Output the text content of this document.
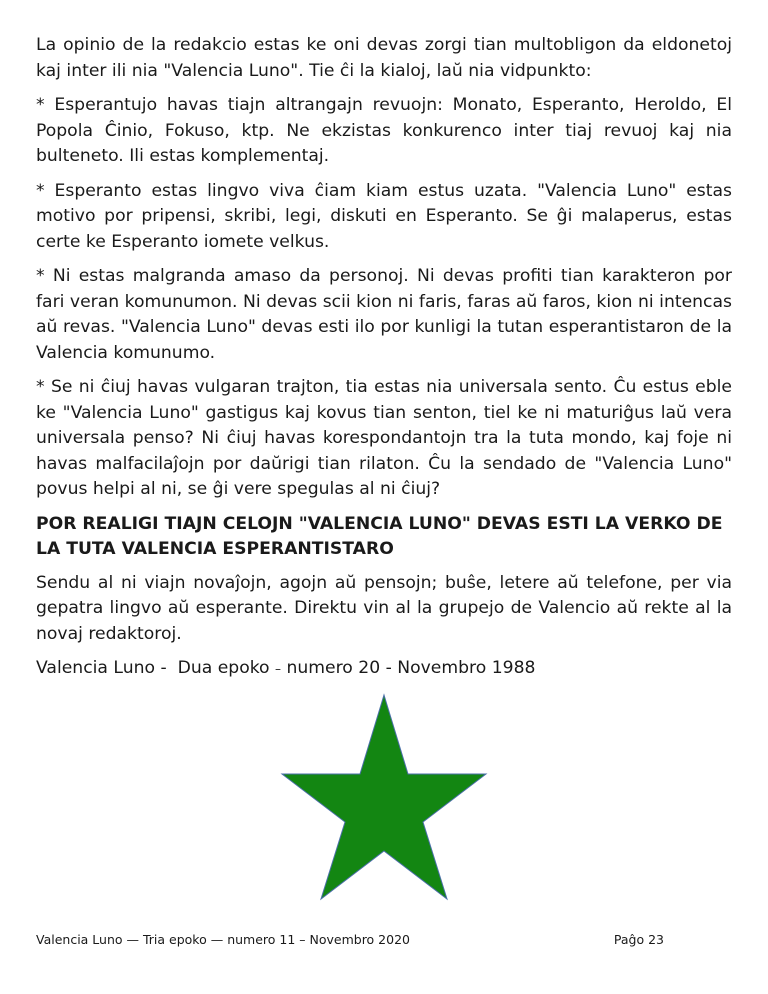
La opinio de la redakcio estas ke oni devas zorgi tian multobligon da eldonetoj kaj inter ili nia "Valencia Luno". Tie ĉi la kialoj, laŭ nia vidpunkto:

* Esperantujo havas tiajn altrangajn revuojn: Monato, Esperanto, Heroldo, El Popola Ĉinio, Fokuso, ktp. Ne ekzistas konkurenco inter tiaj revuoj kaj nia bulteneto. Ili estas komplementaj.

* Esperanto estas lingvo viva ĉiam kiam estus uzata. "Valencia Luno" estas motivo por pripensi, skribi, legi, diskuti en Esperanto. Se ĝi malaperus, estas certe ke Esperanto iomete velkus.

* Ni estas malgranda amaso da personoj. Ni devas profiti tian karakteron por fari veran komunumon. Ni devas scii kion ni faris, faras aŭ faros, kion ni intencas aŭ revas. "Valencia Luno" devas esti ilo por kunligi la tutan esperantistaron de la Valencia komunumo.

* Se ni ĉiuj havas vulgaran trajton, tia estas nia universala sento. Ĉu estus eble ke "Valencia Luno" gastigus kaj kovus tian senton, tiel ke ni maturiĝus laŭ vera universala penso? Ni ĉiuj havas korespondantojn tra la tuta mondo, kaj foje ni havas malfacilaĵojn por daŭrigi tian rilaton. Ĉu la sendado de "Valencia Luno" povus helpi al ni, se ĝi vere spegulas al ni ĉiuj?

POR REALIGI TIAJN CELOJN "VALENCIA LUNO" DEVAS ESTI LA VERKO DE LA TUTA VALENCIA ESPERANTISTARO

Sendu al ni viajn novaĵojn, agojn aŭ pensojn; buŝe, letere aŭ telefone, per via gepatra lingvo aŭ esperante. Direktu vin al la grupejo de Valencio aŭ rekte al la novaj redaktoroj.

Valencia Luno -  Dua epoko – numero 20 - Novembro 1988

Valencia Luno — Tria epoko — numero 11 – Novembro 2020	Paĝo 23
